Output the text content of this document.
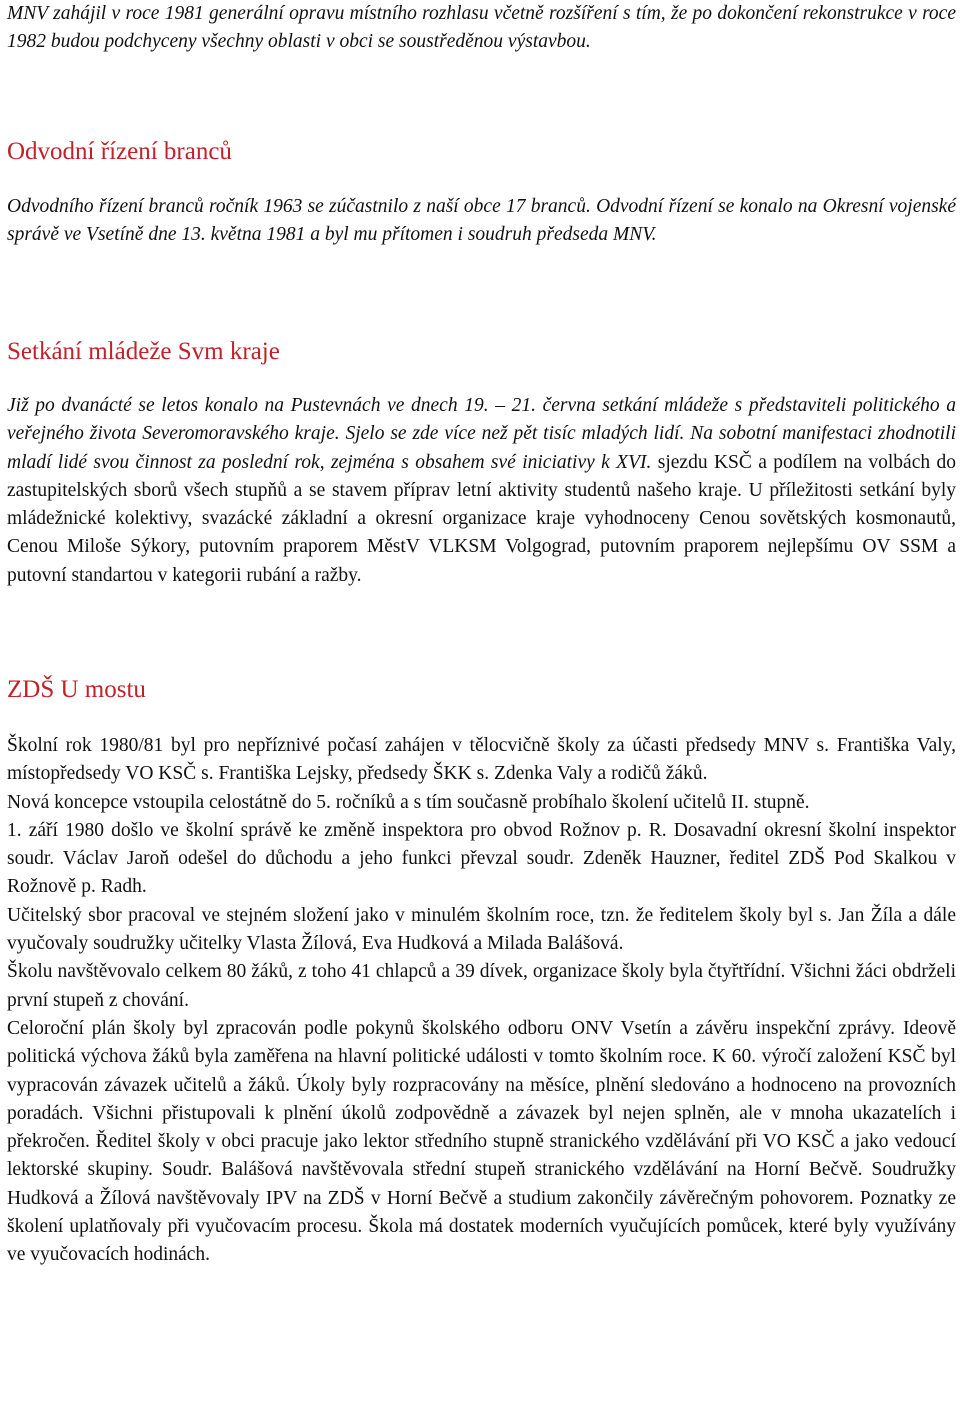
MNV zahájil v roce 1981 generální opravu místního rozhlasu včetně rozšíření s tím, že po dokončení rekonstrukce v roce 1982 budou podchyceny všechny oblasti v obci se soustředěnou výstavbou.

Odvodní řízení branců

Odvodního řízení branců ročník 1963 se zúčastnilo z naší obce 17 branců. Odvodní řízení se konalo na Okresní vojenské správě ve Vsetíně dne 13. května 1981 a byl mu přítomen i soudruh předseda MNV.

Setkání mládeže Svm kraje

Již po dvanácté se letos konalo na Pustevnách ve dnech 19. – 21. června setkání mládeže s představiteli politického a veřejného života Severomoravského kraje. Sjelo se zde více než pět tisíc mladých lidí. Na sobotní manifestaci zhodnotili mladí lidé svou činnost za poslední rok, zejména s obsahem své iniciativy k XVI. sjezdu KSČ a podílem na volbách do zastupitelských sborů všech stupňů a se stavem příprav letní aktivity studentů našeho kraje. U příležitosti setkání byly mládežnické kolektivy, svazácké základní a okresní organizace kraje vyhodnoceny Cenou sovětských kosmonautů, Cenou Miloše Sýkory, putovním praporem MěstV VLKSM Volgograd, putovním praporem nejlepšímu OV SSM a putovní standartou v kategorii rubání a ražby.

ZDŠ U mostu

Školní rok 1980/81 byl pro nepříznivé počasí zahájen v tělocvičně školy za účasti předsedy MNV s. Františka Valy, místopředsedy VO KSČ s. Františka Lejsky, předsedy ŠKK s. Zdenka Valy a rodičů žáků.

Nová koncepce vstoupila celostátně do 5. ročníků a s tím současně probíhalo školení učitelů II. stupně.

1. září 1980 došlo ve školní správě ke změně inspektora pro obvod Rožnov p. R. Dosavadní okresní školní inspektor soudr. Václav Jaroň odešel do důchodu a jeho funkci převzal soudr. Zdeněk Hauzner, ředitel ZDŠ Pod Skalkou v Rožnově p. Radh.

Učitelský sbor pracoval ve stejném složení jako v minulém školním roce, tzn. že ředitelem školy byl s. Jan Žíla a dále vyučovaly soudružky učitelky Vlasta Žílová, Eva Hudková a Milada Balášová.

Školu navštěvovalo celkem 80 žáků, z toho 41 chlapců a 39 dívek, organizace školy byla čtyřtřídní. Všichni žáci obdrželi první stupeň z chování.

Celoroční plán školy byl zpracován podle pokynů školského odboru ONV Vsetín a závěru inspekční zprávy. Ideově politická výchova žáků byla zaměřena na hlavní politické události v tomto školním roce. K 60. výročí založení KSČ byl vypracován závazek učitelů a žáků. Úkoly byly rozpracovány na měsíce, plnění sledováno a hodnoceno na provozních poradách. Všichni přistupovali k plnění úkolů zodpovědně a závazek byl nejen splněn, ale v mnoha ukazatelích i překročen. Ředitel školy v obci pracuje jako lektor středního stupně stranického vzdělávání při VO KSČ a jako vedoucí lektorské skupiny. Soudr. Balášová navštěvovala střední stupeň stranického vzdělávání na Horní Bečvě. Soudružky Hudková a Žílová navštěvovaly IPV na ZDŠ v Horní Bečvě a studium zakončily závěrečným pohovorem. Poznatky ze školení uplatňovaly při vyučovacím procesu. Škola má dostatek moderních vyučujících pomůcek, které byly využívány ve vyučovacích hodinách.
